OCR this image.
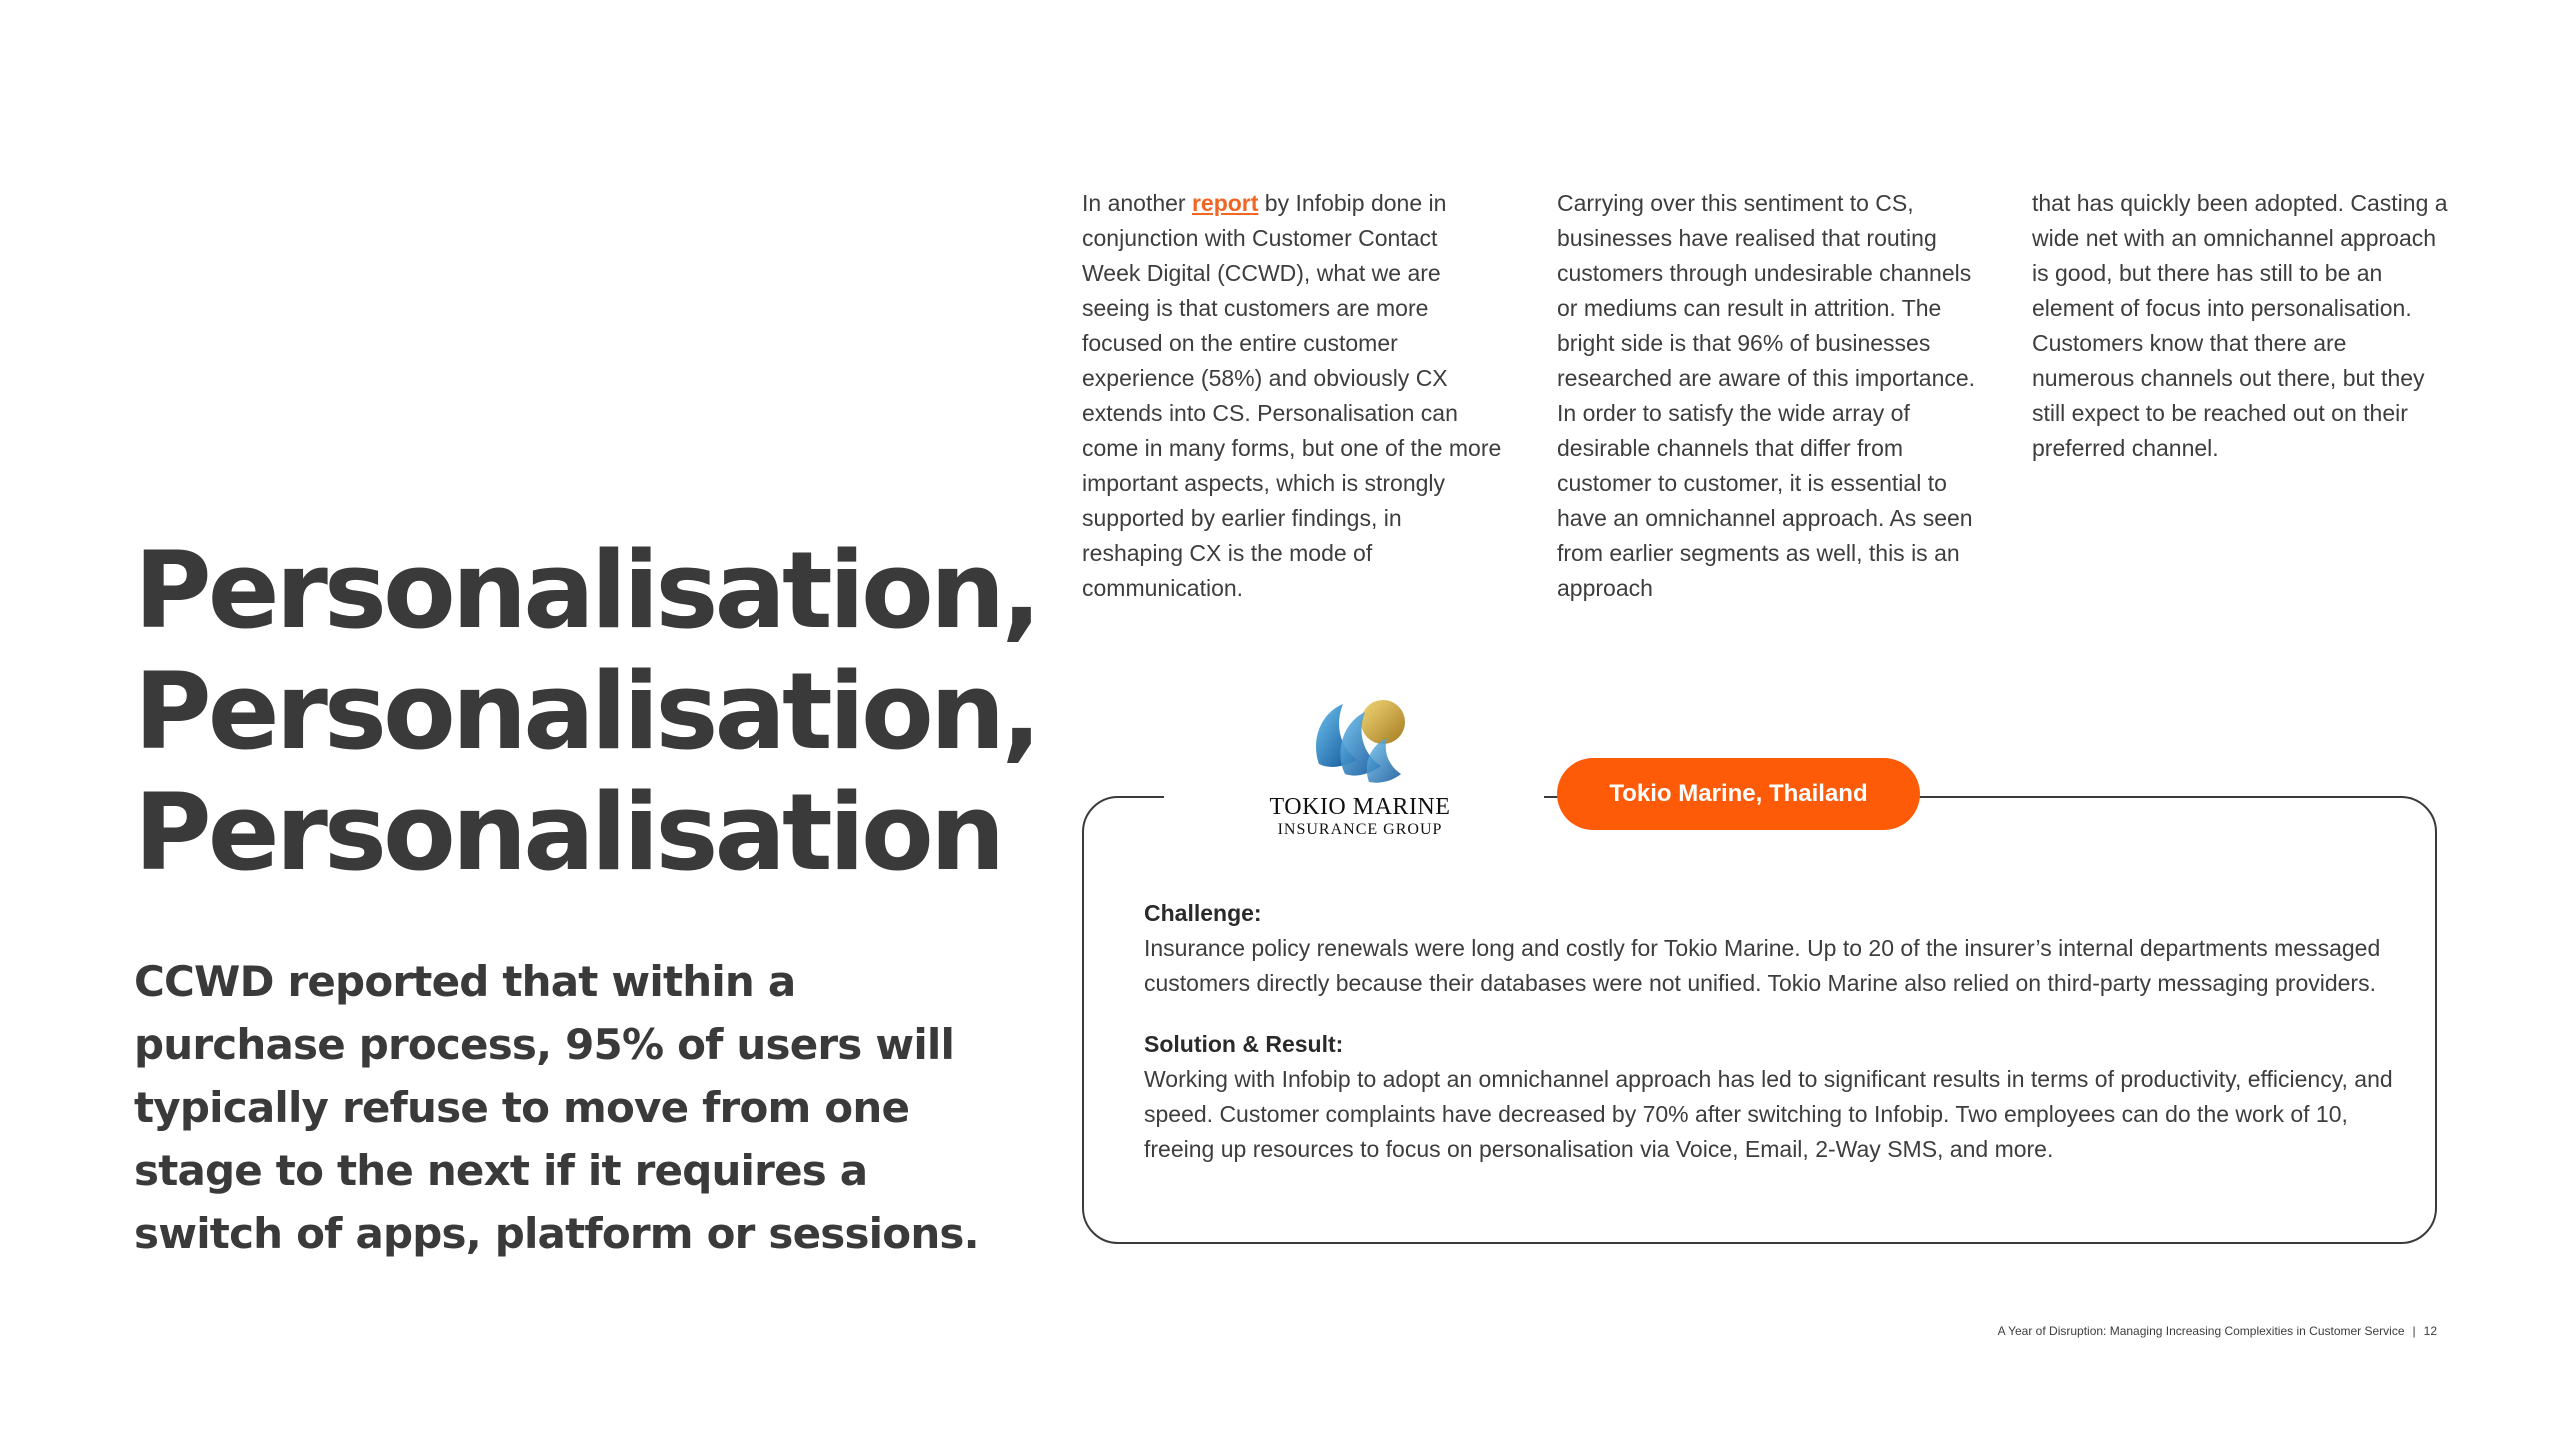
Personalisation,
Personalisation,
Personalisation

CCWD reported that within a purchase process, 95% of users will typically refuse to move from one stage to the next if it requires a switch of apps, platform or sessions.

In another report by Infobip done in conjunction with Customer Contact Week Digital (CCWD), what we are seeing is that customers are more focused on the entire customer experience (58%) and obviously CX extends into CS. Personalisation can come in many forms, but one of the more important aspects, which is strongly supported by earlier findings, in reshaping CX is the mode of communication.

Carrying over this sentiment to CS, businesses have realised that routing customers through undesirable channels or mediums can result in attrition. The bright side is that 96% of businesses researched are aware of this importance. In order to satisfy the wide array of desirable channels that differ from customer to customer, it is essential to have an omnichannel approach. As seen from earlier segments as well, this is an approach

that has quickly been adopted. Casting a wide net with an omnichannel approach is good, but there has still to be an element of focus into personalisation. Customers know that there are numerous channels out there, but they still expect to be reached out on their preferred channel.

TOKIO MARINE
INSURANCE GROUP
Tokio Marine, Thailand
Challenge:

Insurance policy renewals were long and costly for Tokio Marine. Up to 20 of the insurer’s internal departments messaged customers directly because their databases were not unified. Tokio Marine also relied on third-party messaging providers.

Solution & Result:

Working with Infobip to adopt an omnichannel approach has led to significant results in terms of productivity, efficiency, and speed. Customer complaints have decreased by 70% after switching to Infobip. Two employees can do the work of 10, freeing up resources to focus on personalisation via Voice, Email, 2-Way SMS, and more.

A Year of Disruption: Managing Increasing Complexities in Customer Service | 12
